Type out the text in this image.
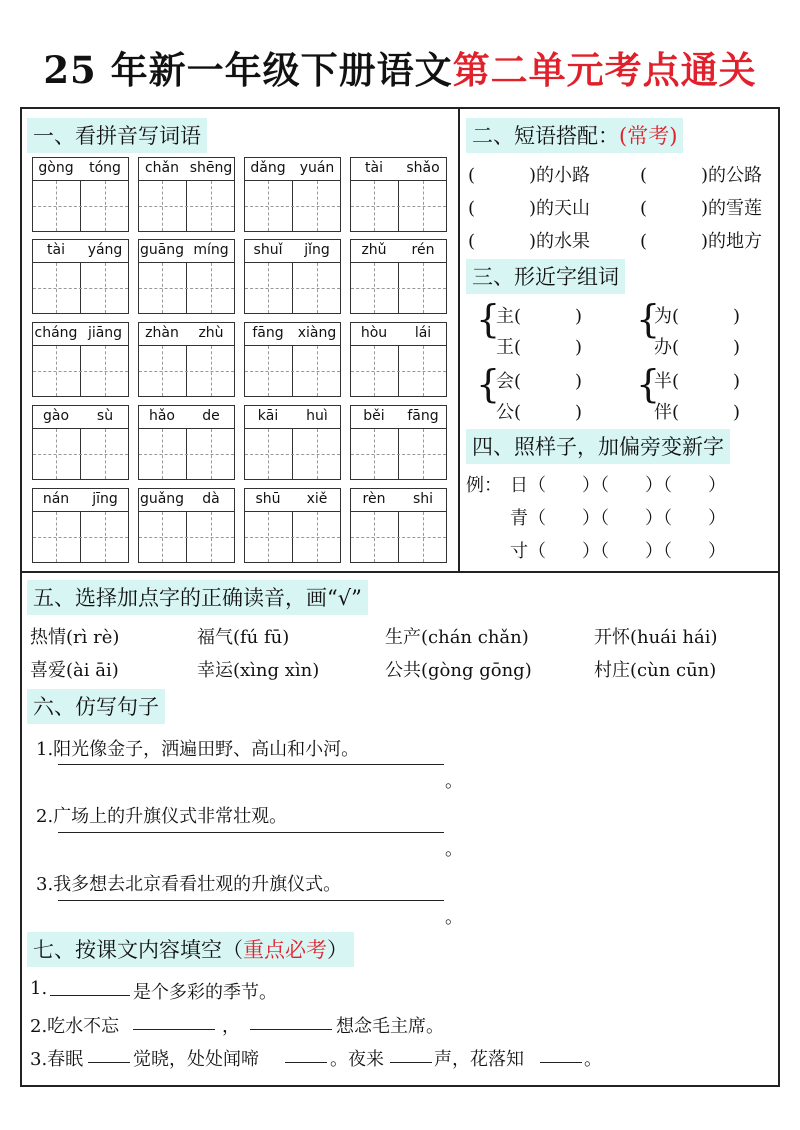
25 年新一年级下册语文第二单元考点通关
一、看拼音写词语
gòng	tóng	chǎn shēng	dǎng	yuán	tài	shǎo
tài	yáng	guāng míng	shuǐ	jǐng	zhǔ	rén
cháng jiāng	zhàn	zhù	fāng	xiàng	hòu	lái
gào	sù	hǎo	de	kāi	huì	běi	fāng
nán	jīng	guǎng	dà	shū	xiě	rèn	shi
二、短语搭配：(常考)
(　　　)的小路	(　　　)的公路
(　　　)的天山	(　　　)的雪莲
(　　　)的水果	(　　　)的地方
三、形近字组词
{
主(　　　)
王(　　　)
{
为(　　　)
办(　　　)
{
会(　　　)
公(　　　)
{
半(　　　)
伴(　　　)
四、照样子，加偏旁变新字
例： 日（　　）（　　）（　　）
青（　　）（　　）（　　）
寸（　　）（　　）（　　）
五、选择加点字的正确读音，画“√”
热情(rì rè)	福气(fú fū)	生产(chán chǎn)	开怀(huái hái)
喜爱(ài āi)	幸运(xìng xìn)	公共(gòng gōng)	村庄(cùn cūn)
六、仿写句子
1.阳光像金子，洒遍田野、高山和小河。
。
2.广场上的升旗仪式非常壮观。
。
3.我多想去北京看看壮观的升旗仪式。
。
七、按课文内容填空（重点必考）
1.	是个多彩的季节。
2.吃水不忘	，	想念毛主席。
3.春眠	觉晓，处处闻啼	。夜来	声，花落知	。
